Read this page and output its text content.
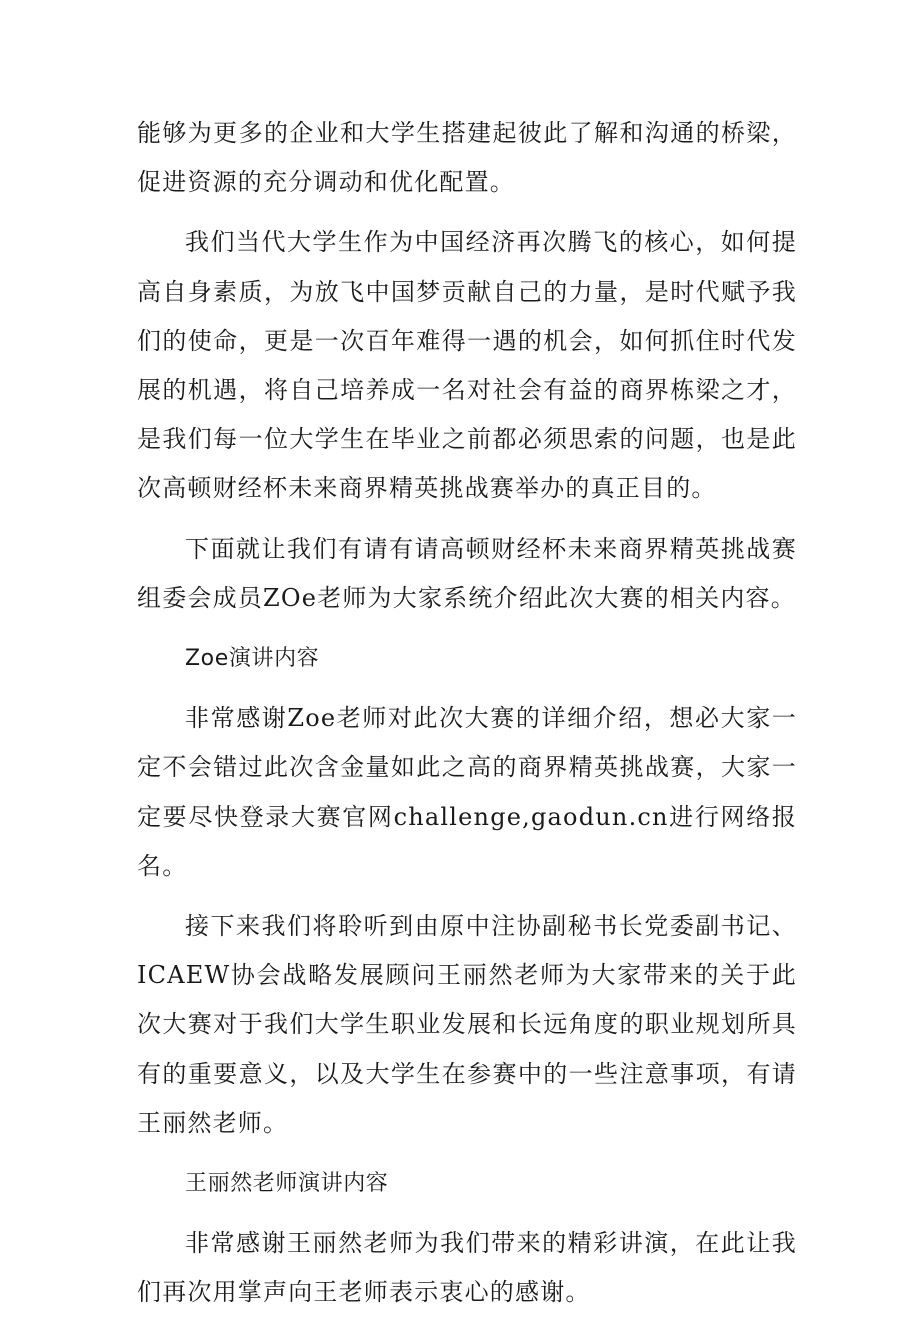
能够为更多的企业和大学生搭建起彼此了解和沟通的桥梁，促进资源的充分调动和优化配置。

我们当代大学生作为中国经济再次腾飞的核心，如何提高自身素质，为放飞中国梦贡献自己的力量，是时代赋予我们的使命，更是一次百年难得一遇的机会，如何抓住时代发展的机遇，将自己培养成一名对社会有益的商界栋梁之才，是我们每一位大学生在毕业之前都必须思索的问题，也是此次高顿财经杯未来商界精英挑战赛举办的真正目的。

下面就让我们有请有请高顿财经杯未来商界精英挑战赛组委会成员ZOe老师为大家系统介绍此次大赛的相关内容。

Zoe演讲内容

非常感谢Zoe老师对此次大赛的详细介绍，想必大家一定不会错过此次含金量如此之高的商界精英挑战赛，大家一定要尽快登录大赛官网challenge,gaodun.cn进行网络报名。

接下来我们将聆听到由原中注协副秘书长党委副书记、ICAEW协会战略发展顾问王丽然老师为大家带来的关于此次大赛对于我们大学生职业发展和长远角度的职业规划所具有的重要意义，以及大学生在参赛中的一些注意事项，有请王丽然老师。

王丽然老师演讲内容

非常感谢王丽然老师为我们带来的精彩讲演，在此让我们再次用掌声向王老师表示衷心的感谢。
